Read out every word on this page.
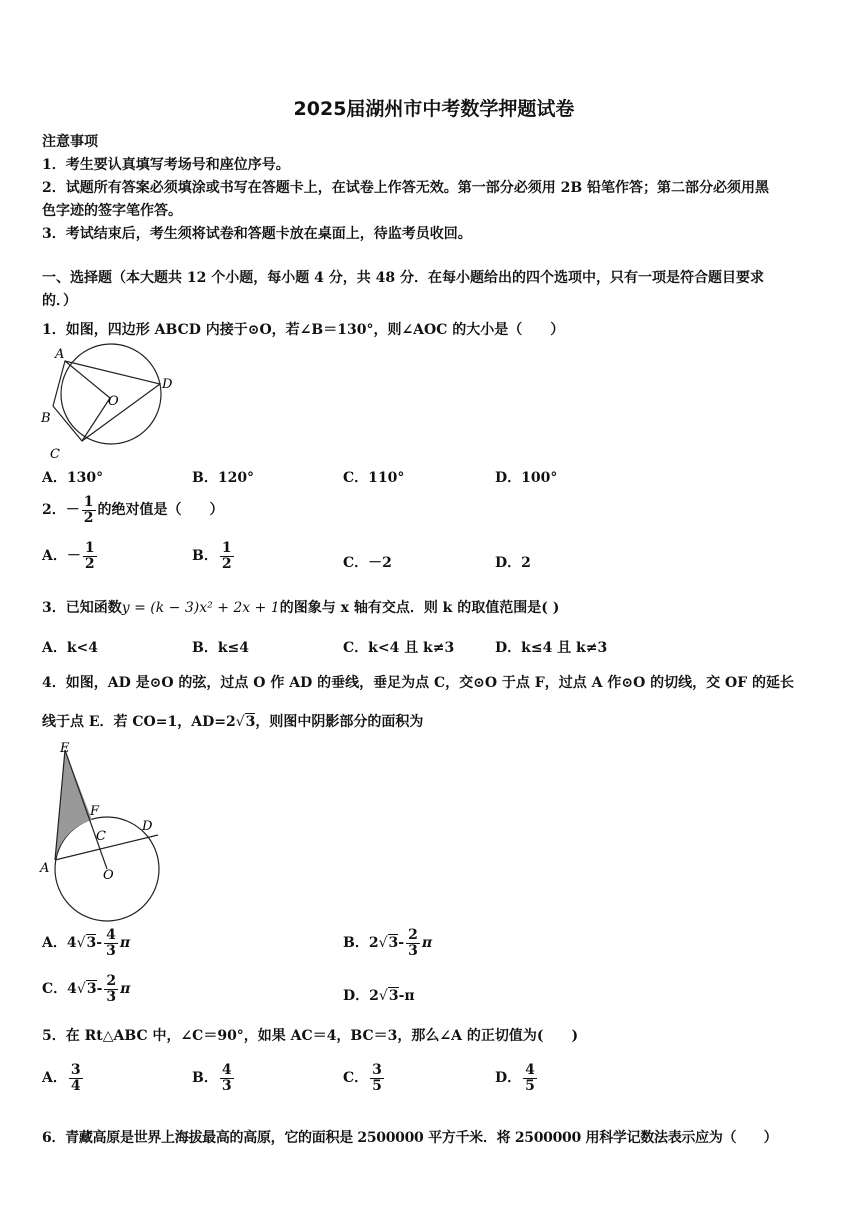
2025届湖州市中考数学押题试卷
注意事项
1．考生要认真填写考场号和座位序号。
2．试题所有答案必须填涂或书写在答题卡上，在试卷上作答无效。第一部分必须用 2B 铅笔作答；第二部分必须用黑
色字迹的签字笔作答。
3．考试结束后，考生须将试卷和答题卡放在桌面上，待监考员收回。
一、选择题（本大题共 12 个小题，每小题 4 分，共 48 分．在每小题给出的四个选项中，只有一项是符合题目要求
的．）
1．如图，四边形 ABCD 内接于⊙O，若∠B＝130°，则∠AOC 的大小是（　　）
A
B
C
D
O
A．130°	B．120°	C．110°	D．100°
2．－ $\frac{1}{2}$ 的绝对值是（　　）
A．－ $\frac{1}{2}$	B． $\frac{1}{2}$	C．－2	D．2
3．已知函数y = (k − 3)x² + 2x + 1的图象与 x 轴有交点．则 k 的取值范围是( )
A．k<4	B．k≤4	C．k<4 且 k≠3	D．k≤4 且 k≠3
4．如图，AD 是⊙O 的弦，过点 O 作 AD 的垂线，垂足为点 C，交⊙O 于点 F，过点 A 作⊙O 的切线，交 OF 的延长
线于点 E．若 CO=1，AD=2√3，则图中阴影部分的面积为
E
F
C
D
A	O
A．$4√3- \frac{4}{3}$ π	B．$2√3- \frac{2}{3}$ π
C．$4√3- \frac{2}{3}$ π	D．2√3-π
5．在 Rt△ABC 中，∠C＝90°，如果 AC＝4，BC＝3，那么∠A 的正切值为(　　)
A． $\frac{3}{4}$	B． $\frac{4}{3}$	C． $\frac{3}{5}$	D． $\frac{4}{5}$
6．青藏高原是世界上海拔最高的高原，它的面积是 2500000 平方千米．将 2500000 用科学记数法表示应为（　　）
